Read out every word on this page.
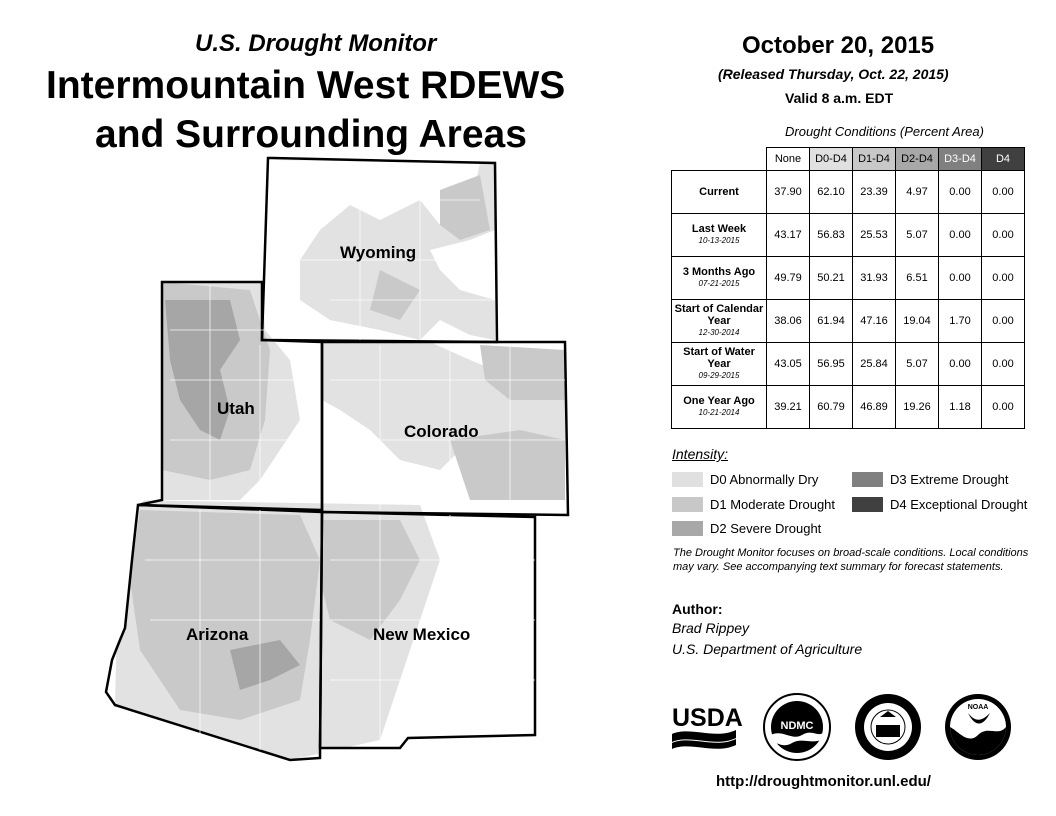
U.S. Drought Monitor
Intermountain West RDEWS
and Surrounding Areas
Wyoming
Utah
Colorado
Arizona	New Mexico
October 20, 2015
(Released Thursday, Oct. 22, 2015)
Valid 8 a.m. EDT
Drought Conditions (Percent Area)
	None	D0-D4	D1-D4	D2-D4	D3-D4	D4
Current	37.90	62.10	23.39	4.97	0.00	0.00
Last Week
10-13-2015	43.17	56.83	25.53	5.07	0.00	0.00
3 Months Ago
07-21-2015	49.79	50.21	31.93	6.51	0.00	0.00
Start of Calendar Year
12-30-2014	38.06	61.94	47.16	19.04	1.70	0.00
Start of Water Year
09-29-2015	43.05	56.95	25.84	5.07	0.00	0.00
One Year Ago
10-21-2014	39.21	60.79	46.89	19.26	1.18	0.00
Intensity:
D0 Abnormally Dry
D1 Moderate Drought
D2 Severe Drought
D3 Extreme Drought
D4 Exceptional Drought
The Drought Monitor focuses on broad-scale conditions. Local conditions may vary. See accompanying text summary for forecast statements.
Author:
Brad Rippey
U.S. Department of Agriculture
USDA	NDMC
NOAA
http://droughtmonitor.unl.edu/
